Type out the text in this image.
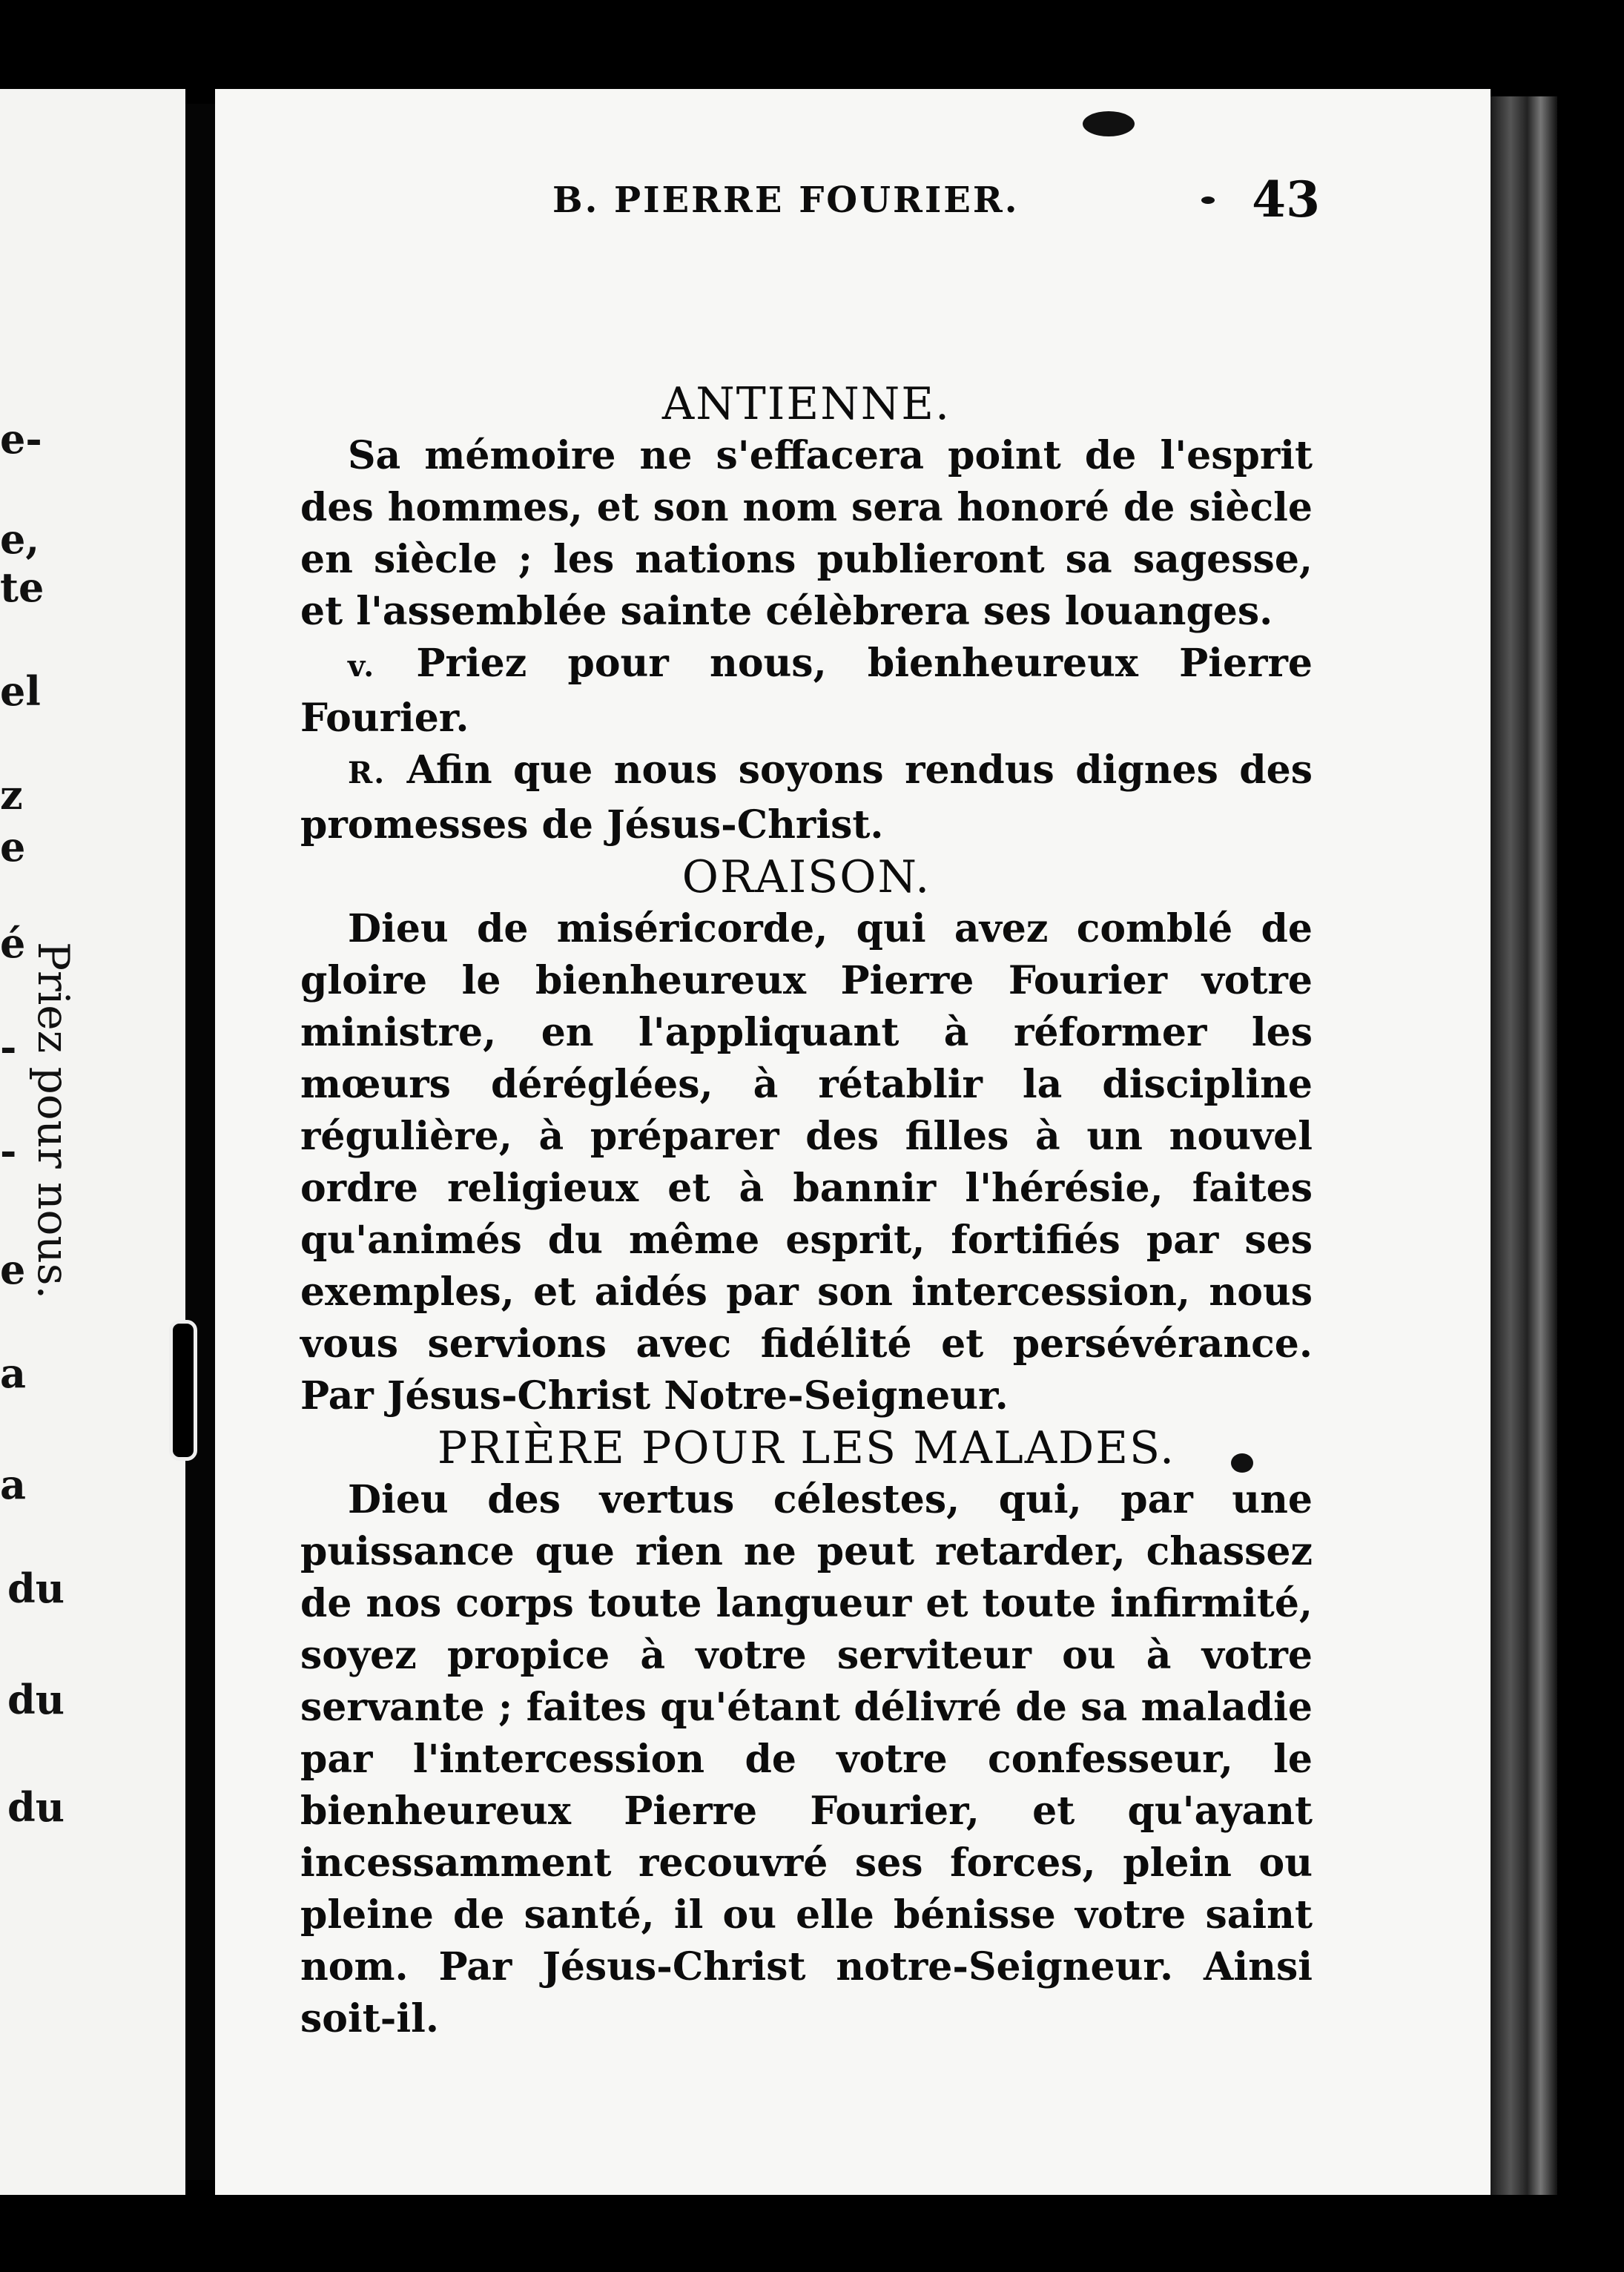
e-
e,
te
el
z
e
é
-
-
e
a
a
du
du
du
Priez pour nous.
B. PIERRE FOURIER.	43
ANTIENNE.

Sa mémoire ne s'effacera point de l'esprit des hommes, et son nom sera honoré de siècle en siècle ; les nations publieront sa sagesse, et l'assemblée sainte célèbrera ses louanges.

v. Priez pour nous, bienheureux Pierre Fourier.

R. Afin que nous soyons rendus dignes des promesses de Jésus-Christ.

ORAISON.

Dieu de miséricorde, qui avez comblé de gloire le bienheureux Pierre Fourier votre ministre, en l'appliquant à réformer les mœurs déréglées, à rétablir la discipline régulière, à préparer des filles à un nouvel ordre religieux et à bannir l'hérésie, faites qu'animés du même esprit, fortifiés par ses exemples, et aidés par son intercession, nous vous servions avec fidélité et persévérance. Par Jésus-Christ Notre-Seigneur.

PRIÈRE POUR LES MALADES.

Dieu des vertus célestes, qui, par une puissance que rien ne peut retarder, chassez de nos corps toute langueur et toute infirmité, soyez propice à votre serviteur ou à votre servante ; faites qu'étant délivré de sa maladie par l'intercession de votre confesseur, le bienheureux Pierre Fourier, et qu'ayant incessamment recouvré ses forces, plein ou pleine de santé, il ou elle bénisse votre saint nom. Par Jésus-Christ notre-Seigneur. Ainsi soit-il.
